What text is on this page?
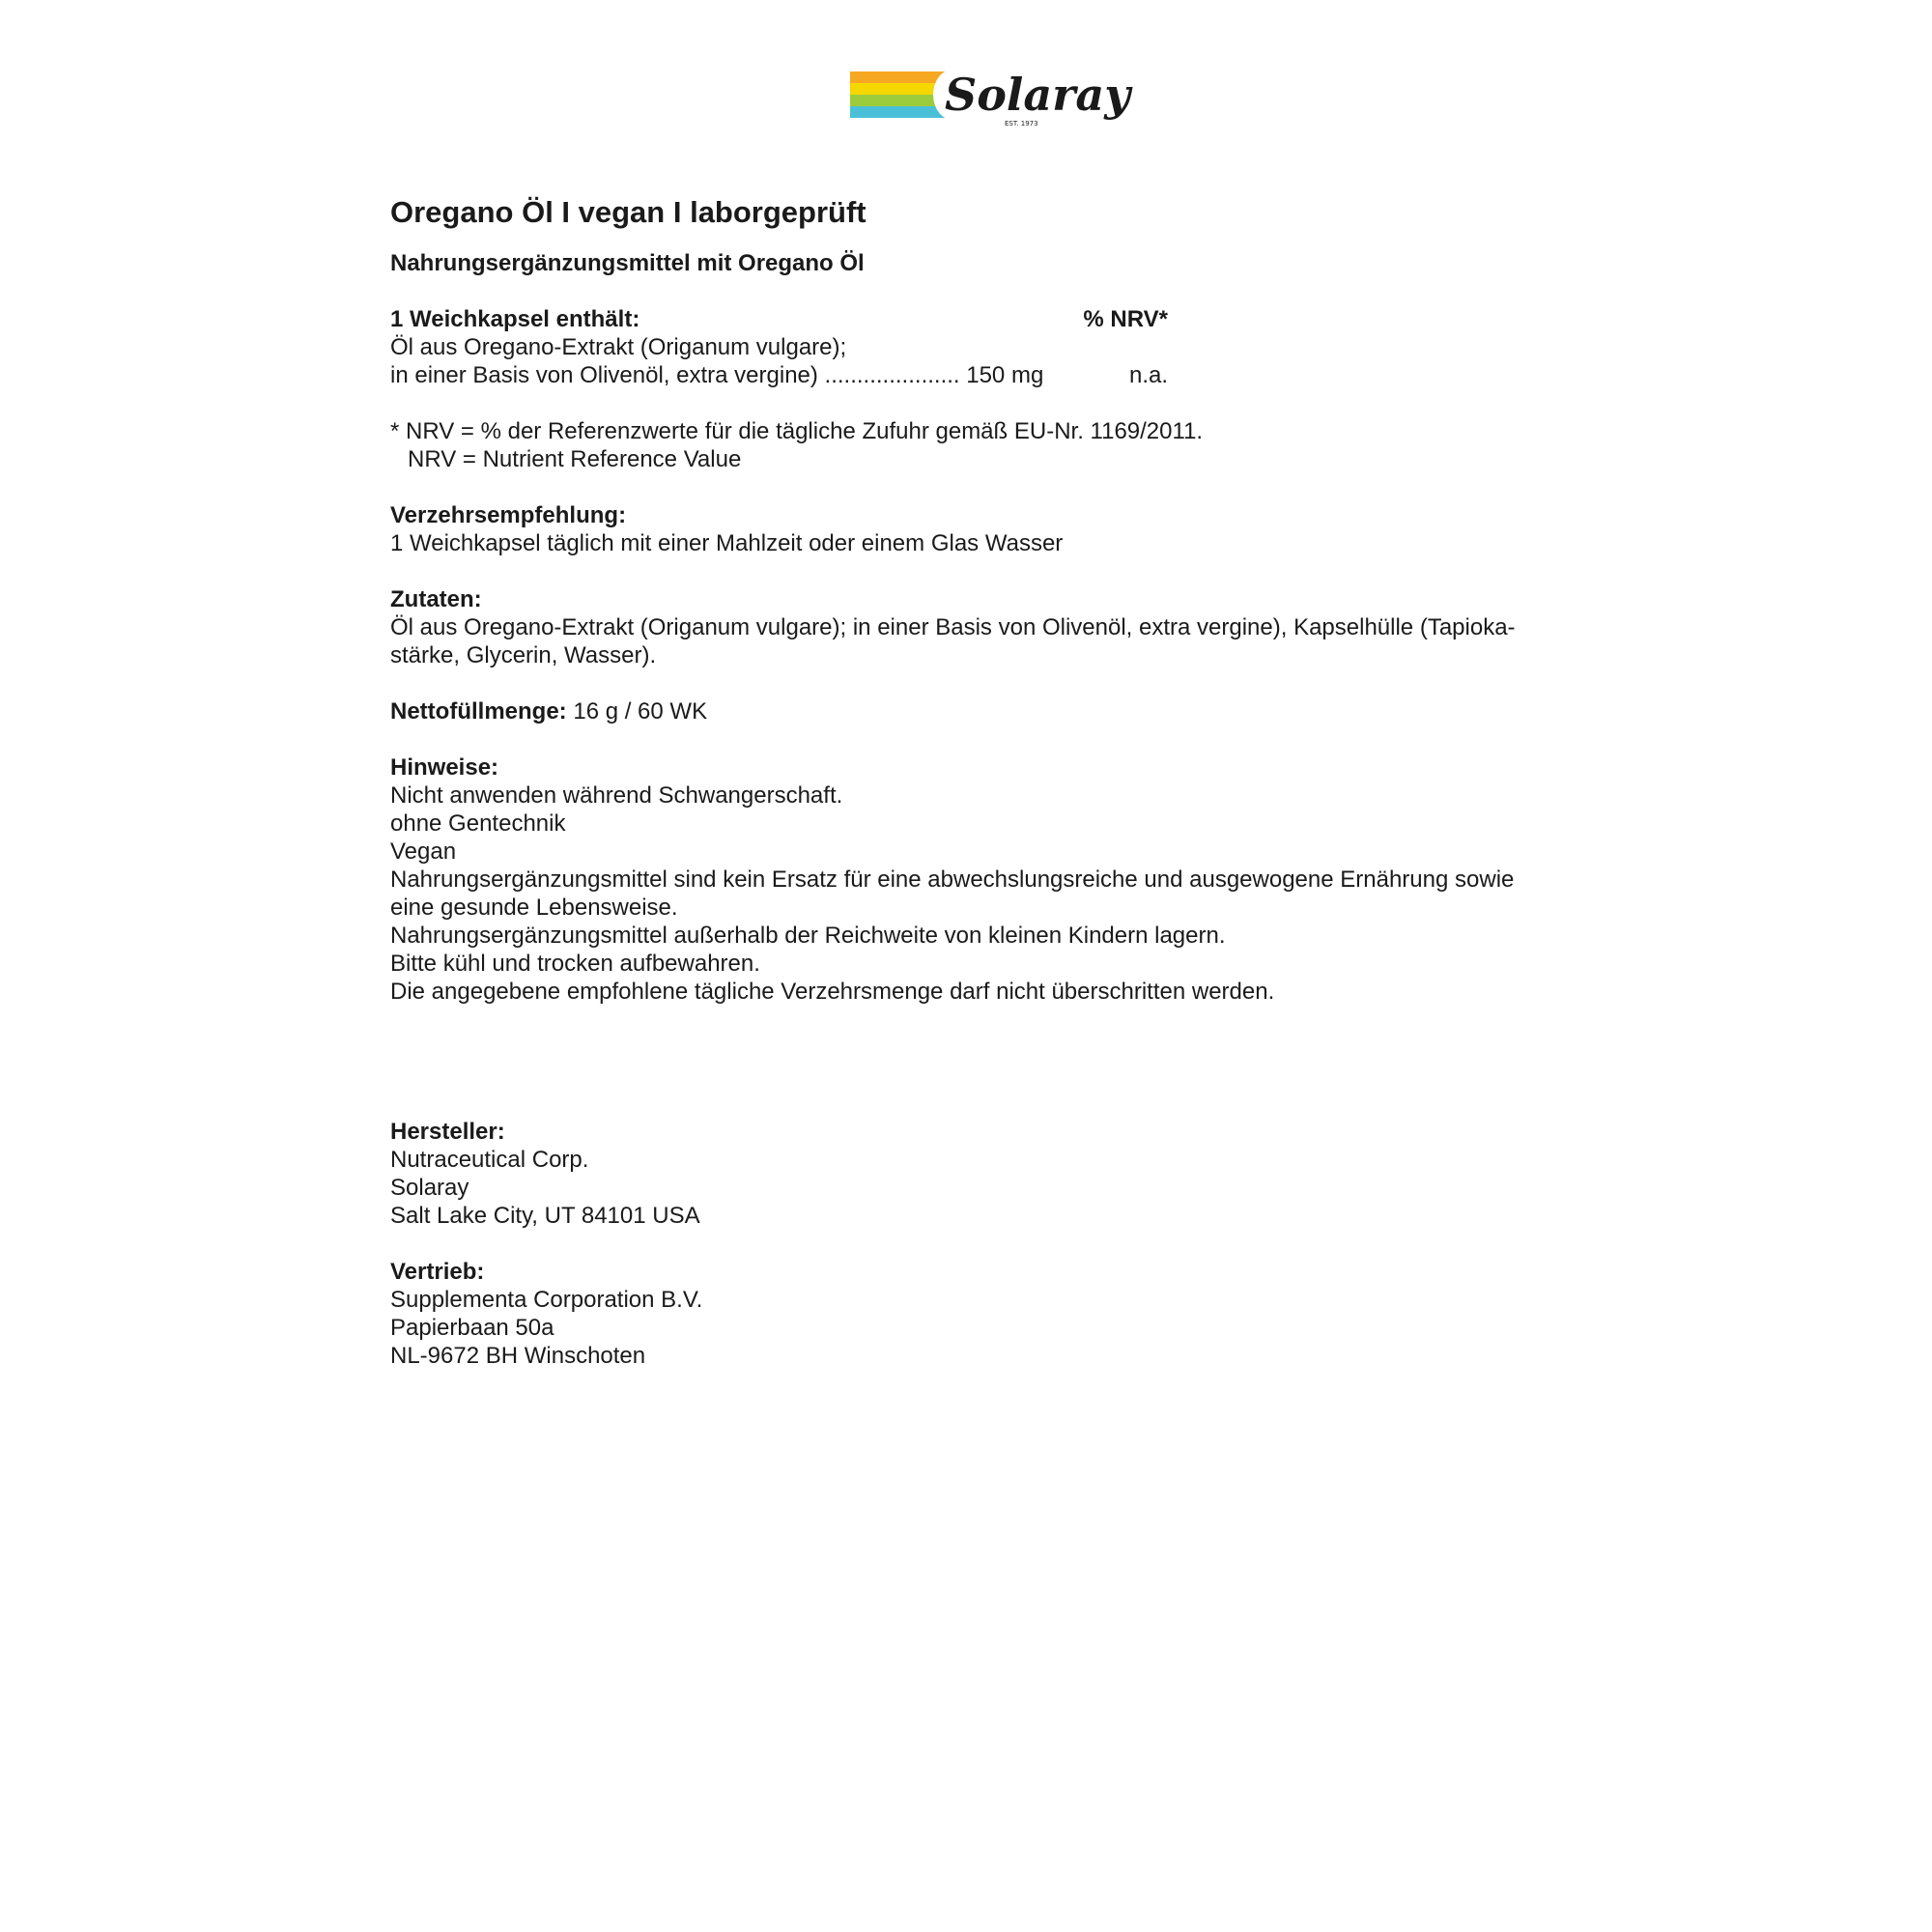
Solaray
EST. 1973
Oregano Öl I vegan I laborgeprüft
Nahrungsergänzungsmittel mit Oregano Öl
1 Weichkapsel enthält:	% NRV*
Öl aus Oregano-Extrakt (Origanum vulgare);
in einer Basis von Olivenöl, extra vergine) ..................... 150 mg	n.a.
* NRV = % der Referenzwerte für die tägliche Zufuhr gemäß EU-Nr. 1169/2011.
NRV = Nutrient Reference Value
Verzehrsempfehlung:
1 Weichkapsel täglich mit einer Mahlzeit oder einem Glas Wasser
Zutaten:
Öl aus Oregano-Extrakt (Origanum vulgare); in einer Basis von Olivenöl, extra vergine), Kapselhülle (Tapioka-
stärke, Glycerin, Wasser).
Nettofüllmenge: 16 g / 60 WK
Hinweise:
Nicht anwenden während Schwangerschaft.
ohne Gentechnik
Vegan
Nahrungsergänzungsmittel sind kein Ersatz für eine abwechslungsreiche und ausgewogene Ernährung sowie
eine gesunde Lebensweise.
Nahrungsergänzungsmittel außerhalb der Reichweite von kleinen Kindern lagern.
Bitte kühl und trocken aufbewahren.
Die angegebene empfohlene tägliche Verzehrsmenge darf nicht überschritten werden.
Hersteller:
Nutraceutical Corp.
Solaray
Salt Lake City, UT 84101 USA
Vertrieb:
Supplementa Corporation B.V.
Papierbaan 50a
NL-9672 BH Winschoten
